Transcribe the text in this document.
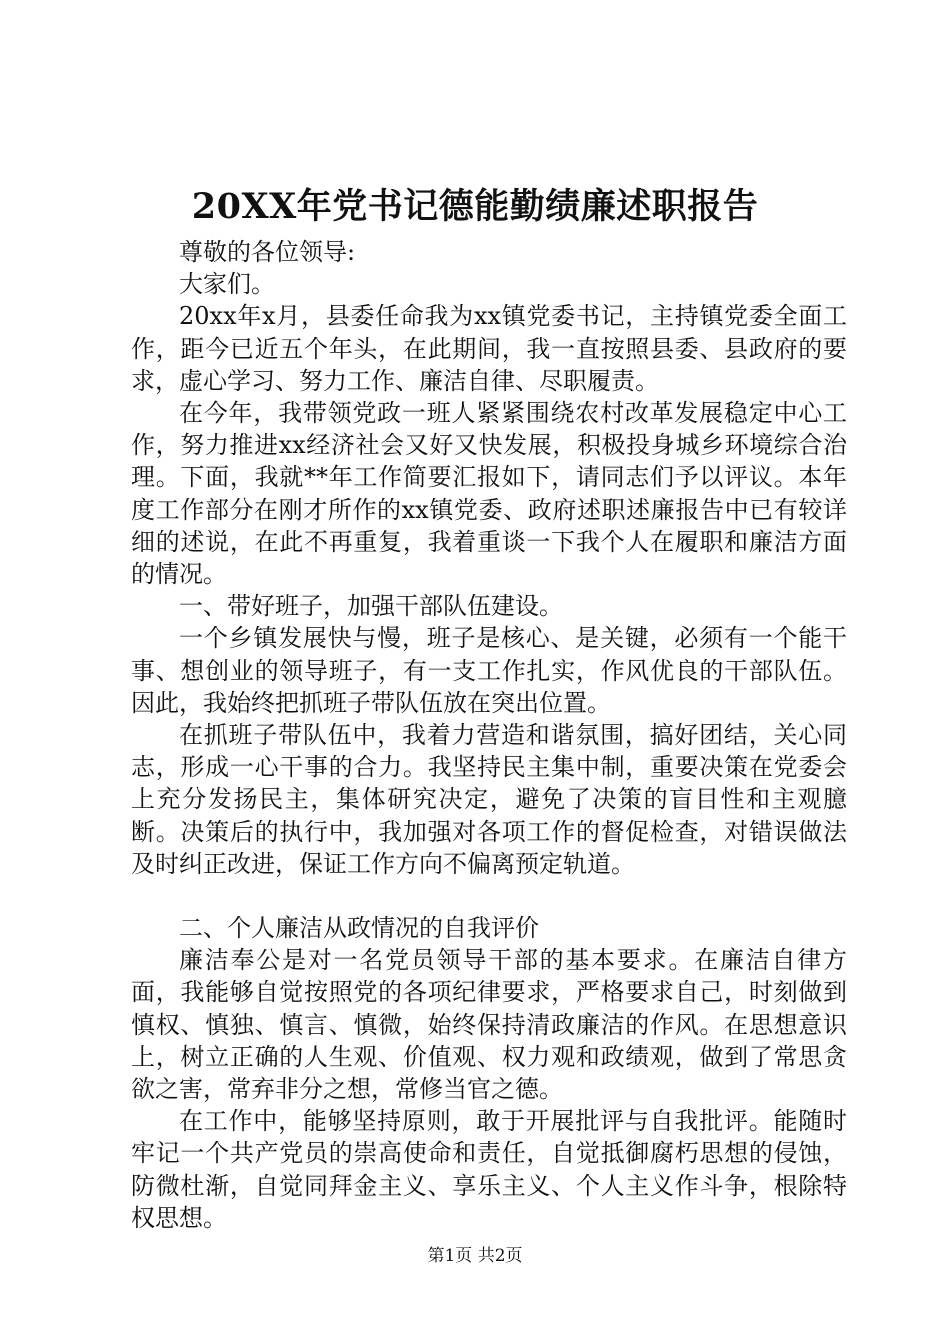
20XX年党书记德能勤绩廉述职报告

尊敬的各位领导:

大家们。

20xx年x月，县委任命我为xx镇党委书记，主持镇党委全面工作，距今已近五个年头，在此期间，我一直按照县委、县政府的要求，虚心学习、努力工作、廉洁自律、尽职履责。

在今年，我带领党政一班人紧紧围绕农村改革发展稳定中心工作，努力推进xx经济社会又好又快发展，积极投身城乡环境综合治理。下面，我就**年工作简要汇报如下，请同志们予以评议。本年度工作部分在刚才所作的xx镇党委、政府述职述廉报告中已有较详细的述说，在此不再重复，我着重谈一下我个人在履职和廉洁方面的情况。

一、带好班子，加强干部队伍建设。

一个乡镇发展快与慢，班子是核心、是关键，必须有一个能干事、想创业的领导班子，有一支工作扎实，作风优良的干部队伍。因此，我始终把抓班子带队伍放在突出位置。

在抓班子带队伍中，我着力营造和谐氛围，搞好团结，关心同志，形成一心干事的合力。我坚持民主集中制，重要决策在党委会上充分发扬民主，集体研究决定，避免了决策的盲目性和主观臆断。决策后的执行中，我加强对各项工作的督促检查，对错误做法及时纠正改进，保证工作方向不偏离预定轨道。

二、个人廉洁从政情况的自我评价

廉洁奉公是对一名党员领导干部的基本要求。在廉洁自律方面，我能够自觉按照党的各项纪律要求，严格要求自己，时刻做到慎权、慎独、慎言、慎微，始终保持清政廉洁的作风。在思想意识上，树立正确的人生观、价值观、权力观和政绩观，做到了常思贪欲之害，常弃非分之想，常修当官之德。

在工作中，能够坚持原则，敢于开展批评与自我批评。能随时牢记一个共产党员的崇高使命和责任，自觉抵御腐朽思想的侵蚀，防微杜渐，自觉同拜金主义、享乐主义、个人主义作斗争，根除特权思想。

第1页 共2页
